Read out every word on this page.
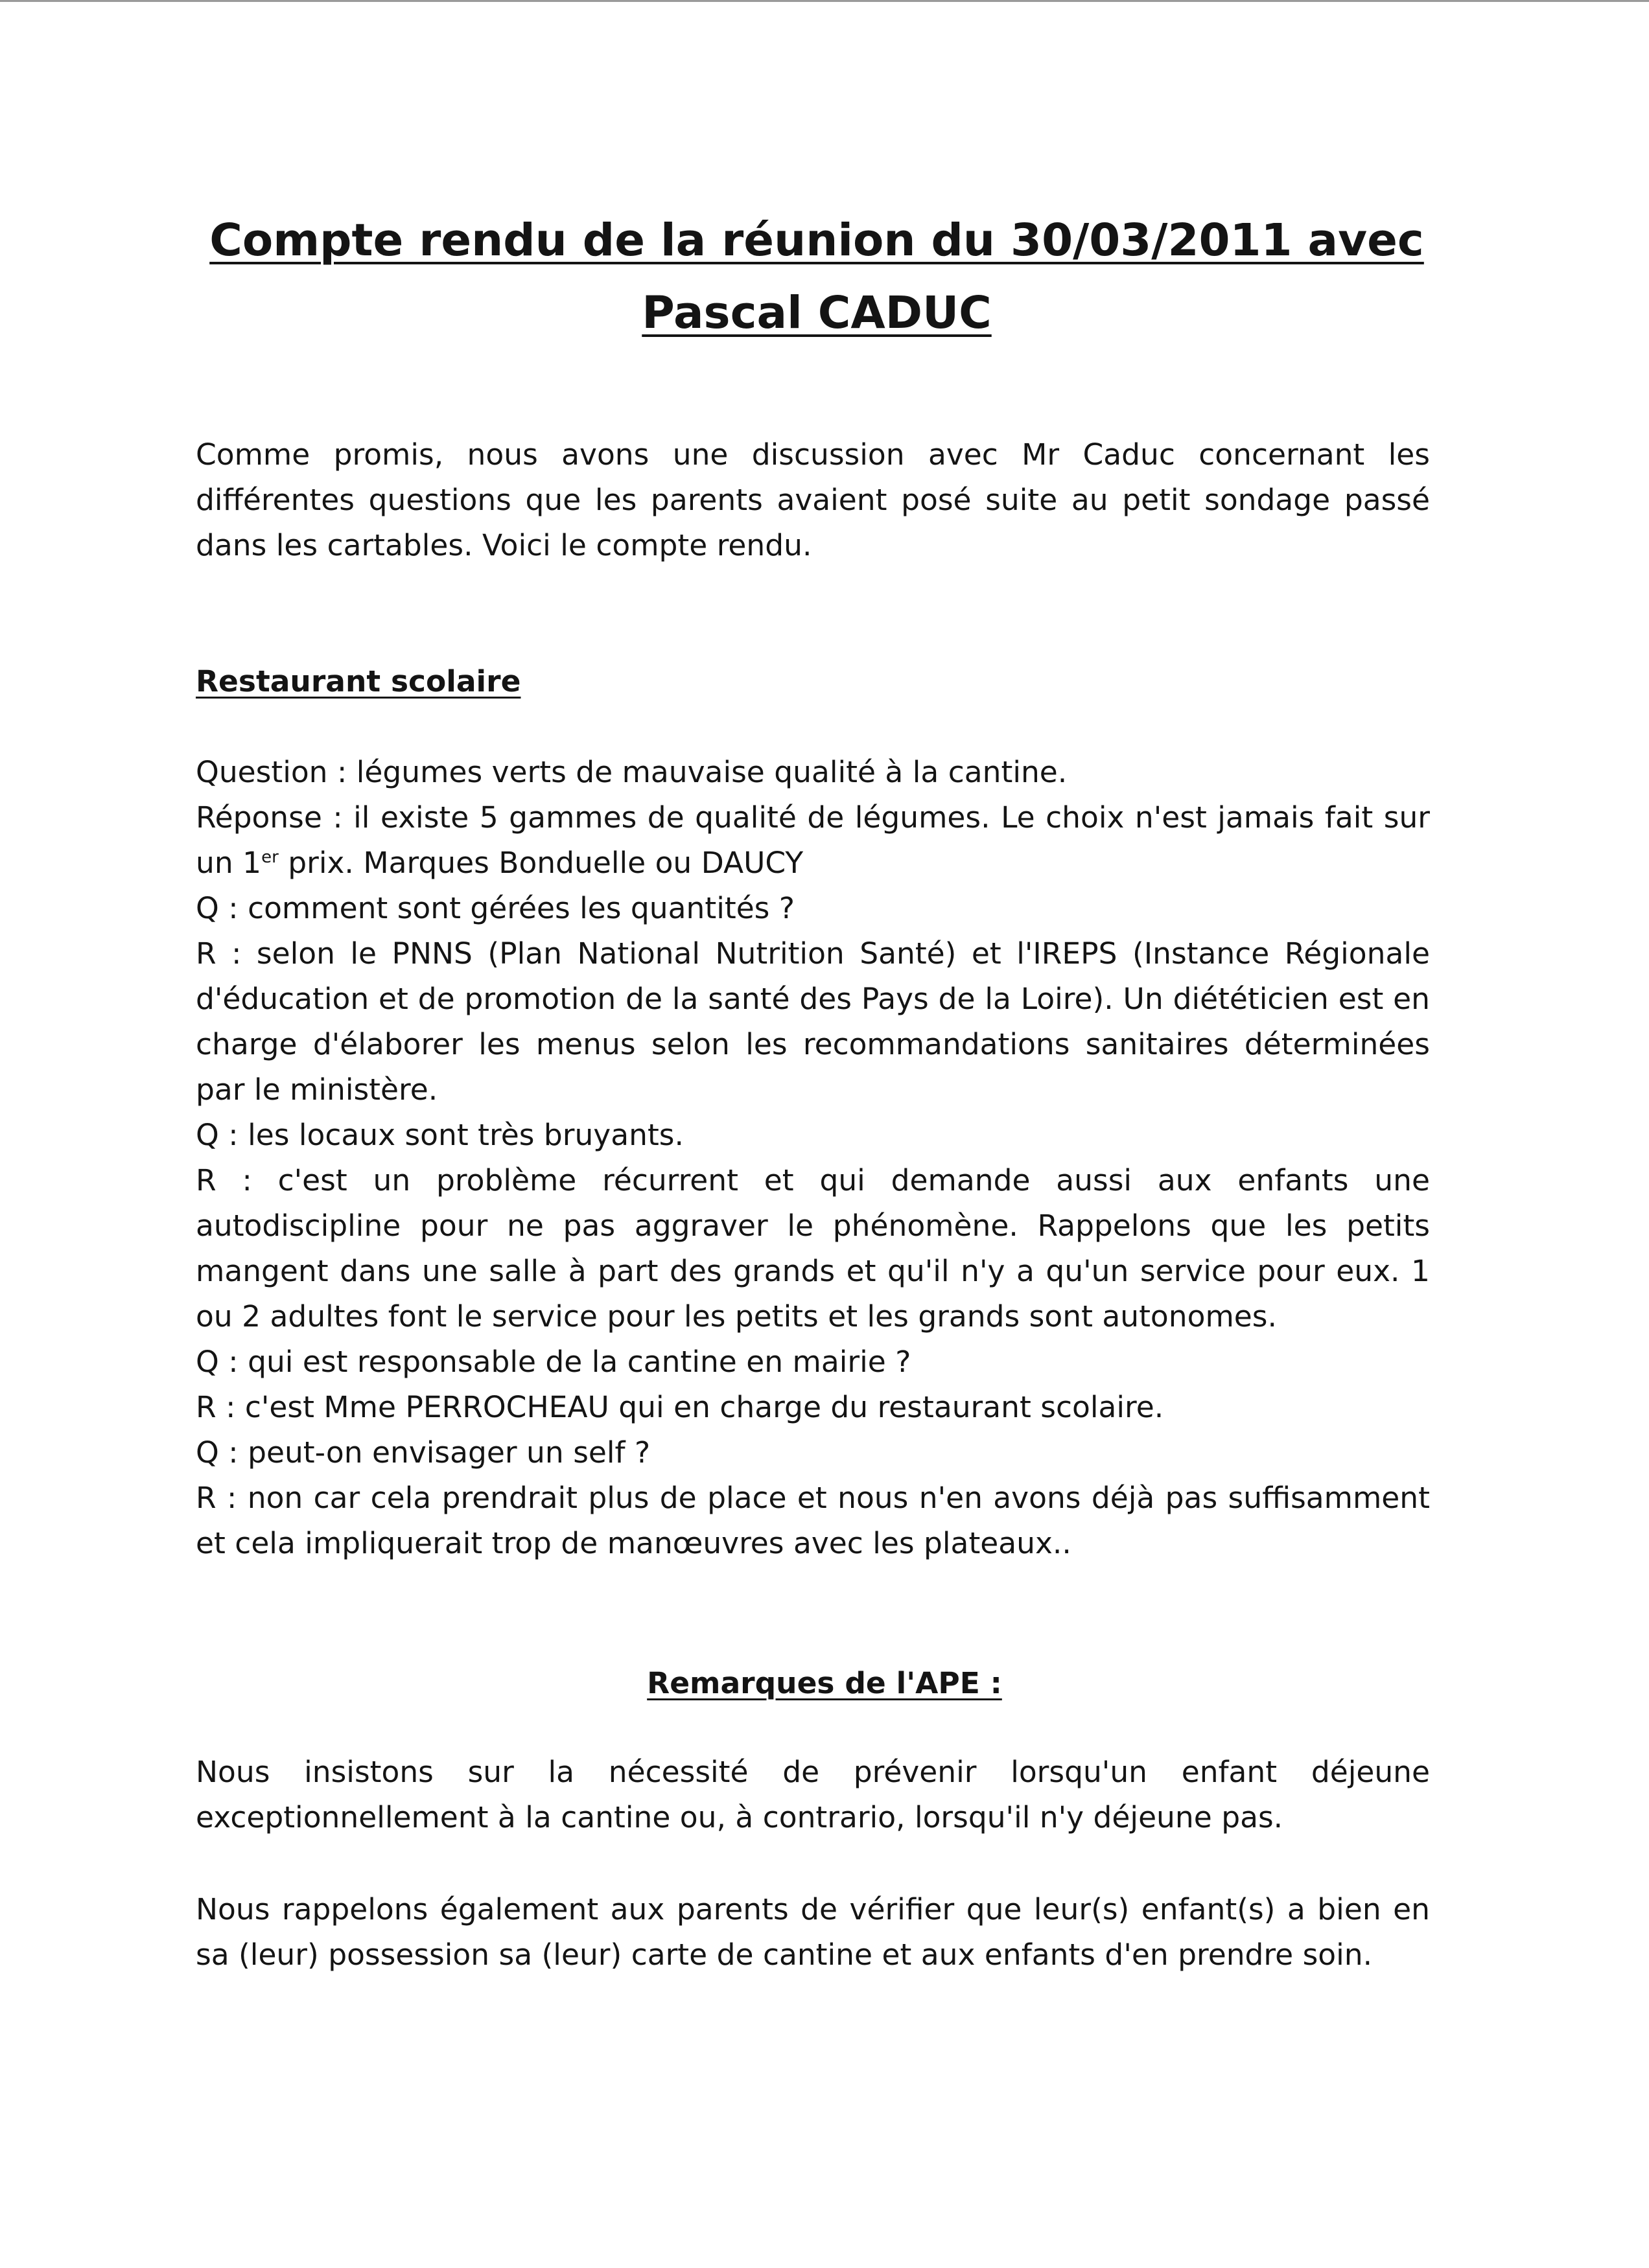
Compte rendu de la réunion du 30/03/2011 avec
Pascal CADUC

Comme promis, nous avons une discussion avec Mr Caduc concernant les différentes questions que les parents avaient posé suite au petit sondage passé dans les cartables. Voici le compte rendu.

Restaurant scolaire
Question : légumes verts de mauvaise qualité à la cantine.
Réponse : il existe 5 gammes de qualité de légumes. Le choix n'est jamais fait sur un 1er prix. Marques Bonduelle ou DAUCY
Q : comment sont gérées les quantités ?
R : selon le PNNS (Plan National Nutrition Santé) et l'IREPS (Instance Régionale d'éducation et de promotion de la santé des Pays de la Loire). Un diététicien est en charge d'élaborer les menus selon les recommandations sanitaires déterminées par le ministère.
Q : les locaux sont très bruyants.
R : c'est un problème récurrent et qui demande aussi aux enfants une autodiscipline pour ne pas aggraver le phénomène. Rappelons que les petits mangent dans une salle à part des grands et qu'il n'y a qu'un service pour eux. 1 ou 2 adultes font le service pour les petits et les grands sont autonomes.
Q : qui est responsable de la cantine en mairie ?
R : c'est Mme PERROCHEAU qui en charge du restaurant scolaire.
Q : peut-on envisager un self ?
R : non car cela prendrait plus de place et nous n'en avons déjà pas suffisamment et cela impliquerait trop de manœuvres avec les plateaux..
Remarques de l'APE :

Nous insistons sur la nécessité de prévenir lorsqu'un enfant déjeune exceptionnellement à la cantine ou, à contrario, lorsqu'il n'y déjeune pas.

Nous rappelons également aux parents de vérifier que leur(s) enfant(s) a bien en sa (leur) possession sa (leur) carte de cantine et aux enfants d'en prendre soin.
